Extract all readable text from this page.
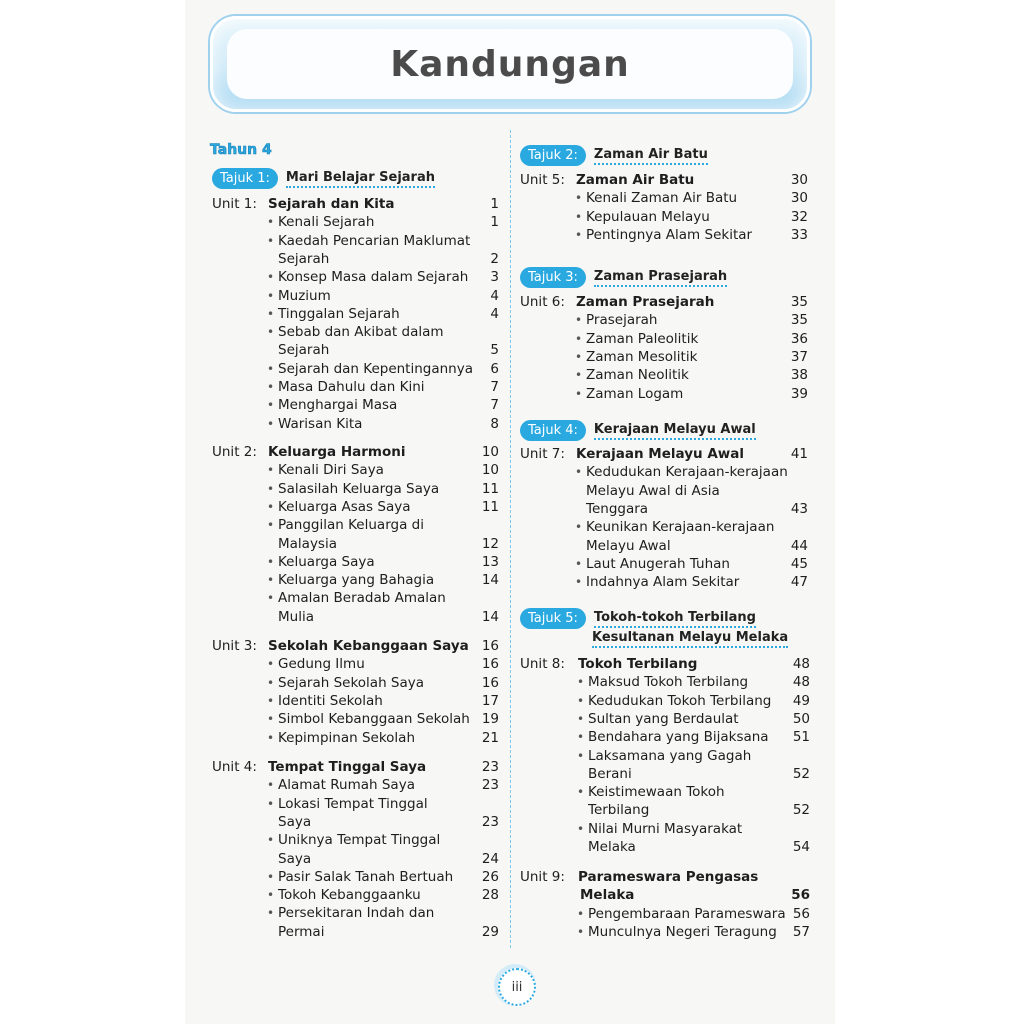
Kandungan
Tahun 4
Tajuk 1:	Mari Belajar Sejarah
Unit 1: Sejarah dan Kita	1
• Kenali Sejarah	1
• Kaedah Pencarian Maklumat
Sejarah	2
• Konsep Masa dalam Sejarah	3
• Muzium	4
• Tinggalan Sejarah	4
• Sebab dan Akibat dalam
Sejarah	5
• Sejarah dan Kepentingannya	6
• Masa Dahulu dan Kini	7
• Menghargai Masa	7
• Warisan Kita	8
Unit 2: Keluarga Harmoni	10
• Kenali Diri Saya	10
• Salasilah Keluarga Saya	11
• Keluarga Asas Saya	11
• Panggilan Keluarga di
Malaysia	12
• Keluarga Saya	13
• Keluarga yang Bahagia	14
• Amalan Beradab Amalan
Mulia	14
Unit 3: Sekolah Kebanggaan Saya 16
• Gedung Ilmu	16
• Sejarah Sekolah Saya	16
• Identiti Sekolah	17
• Simbol Kebanggaan Sekolah 19
• Kepimpinan Sekolah	21
Unit 4: Tempat Tinggal Saya	23
• Alamat Rumah Saya	23
• Lokasi Tempat Tinggal
Saya	23
• Uniknya Tempat Tinggal
Saya	24
• Pasir Salak Tanah Bertuah	26
• Tokoh Kebanggaanku	28
• Persekitaran Indah dan
Permai	29
Tajuk 2:	Zaman Air Batu
Unit 5: Zaman Air Batu	30
• Kenali Zaman Air Batu	30
• Kepulauan Melayu	32
• Pentingnya Alam Sekitar	33
Tajuk 3:	Zaman Prasejarah
Unit 6: Zaman Prasejarah	35
• Prasejarah	35
• Zaman Paleolitik	36
• Zaman Mesolitik	37
• Zaman Neolitik	38
• Zaman Logam	39
Tajuk 4:	Kerajaan Melayu Awal
Unit 7: Kerajaan Melayu Awal	41
• Kedudukan Kerajaan-kerajaan
Melayu Awal di Asia
Tenggara	43
• Keunikan Kerajaan-kerajaan
Melayu Awal	44
• Laut Anugerah Tuhan	45
• Indahnya Alam Sekitar	47
Tajuk 5:	Tokoh-tokoh Terbilang
Kesultanan Melayu Melaka
Unit 8: Tokoh Terbilang	48
• Maksud Tokoh Terbilang	48
• Kedudukan Tokoh Terbilang	49
• Sultan yang Berdaulat	50
• Bendahara yang Bijaksana	51
• Laksamana yang Gagah
Berani	52
• Keistimewaan Tokoh
Terbilang	52
• Nilai Murni Masyarakat
Melaka	54
Unit 9: Parameswara Pengasas
Melaka	56
• Pengembaraan Parameswara 56
• Munculnya Negeri Teragung	57
iii
